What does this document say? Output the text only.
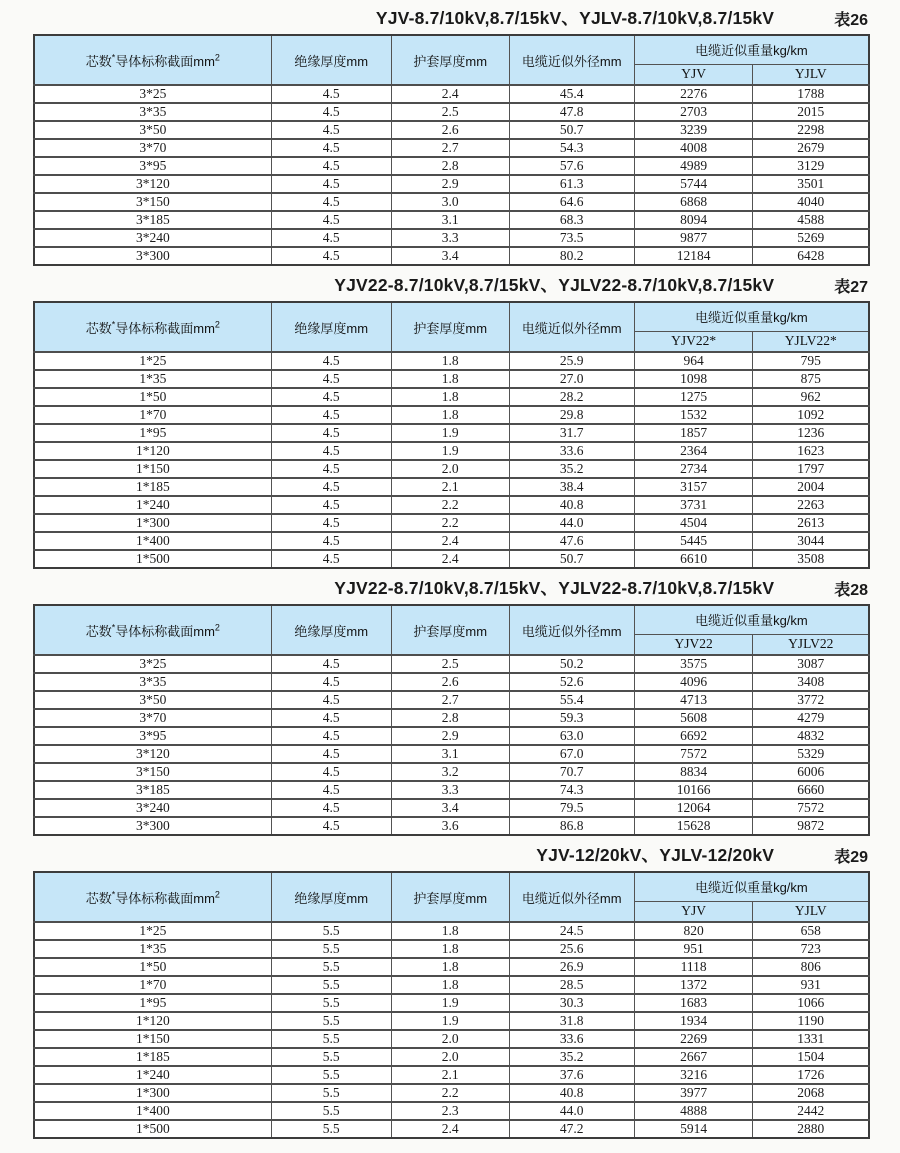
YJV-8.7/10kV,8.7/15kV、YJLV-8.7/10kV,8.7/15kV	表26
芯数*导体标称截面$mm^2$	绝缘厚度mm	护套厚度mm	电缆近似外径mm	电缆近似重量kg/km	
				YJV	YJLV
3*25	4.5	2.4	45.4	2276	1788
3*35	4.5	2.5	47.8	2703	2015
3*50	4.5	2.6	50.7	3239	2298
3*70	4.5	2.7	54.3	4008	2679
3*95	4.5	2.8	57.6	4989	3129
3*120	4.5	2.9	61.3	5744	3501
3*150	4.5	3.0	64.6	6868	4040
3*185	4.5	3.1	68.3	8094	4588
3*240	4.5	3.3	73.5	9877	5269
3*300	4.5	3.4	80.2	12184	6428
YJV22-8.7/10kV,8.7/15kV、YJLV22-8.7/10kV,8.7/15kV	表27
芯数*导体标称截面$mm^2$	绝缘厚度mm	护套厚度mm	电缆近似外径mm	电缆近似重量kg/km	
				YJV22*	YJLV22*
1*25	4.5	1.8	25.9	964	795
1*35	4.5	1.8	27.0	1098	875
1*50	4.5	1.8	28.2	1275	962
1*70	4.5	1.8	29.8	1532	1092
1*95	4.5	1.9	31.7	1857	1236
1*120	4.5	1.9	33.6	2364	1623
1*150	4.5	2.0	35.2	2734	1797
1*185	4.5	2.1	38.4	3157	2004
1*240	4.5	2.2	40.8	3731	2263
1*300	4.5	2.2	44.0	4504	2613
1*400	4.5	2.4	47.6	5445	3044
1*500	4.5	2.4	50.7	6610	3508
YJV22-8.7/10kV,8.7/15kV、YJLV22-8.7/10kV,8.7/15kV	表28
芯数*导体标称截面$mm^2$	绝缘厚度mm	护套厚度mm	电缆近似外径mm	电缆近似重量kg/km	
				YJV22	YJLV22
3*25	4.5	2.5	50.2	3575	3087
3*35	4.5	2.6	52.6	4096	3408
3*50	4.5	2.7	55.4	4713	3772
3*70	4.5	2.8	59.3	5608	4279
3*95	4.5	2.9	63.0	6692	4832
3*120	4.5	3.1	67.0	7572	5329
3*150	4.5	3.2	70.7	8834	6006
3*185	4.5	3.3	74.3	10166	6660
3*240	4.5	3.4	79.5	12064	7572
3*300	4.5	3.6	86.8	15628	9872
YJV-12/20kV、YJLV-12/20kV	表29
芯数*导体标称截面$mm^2$	绝缘厚度mm	护套厚度mm	电缆近似外径mm	电缆近似重量kg/km	
				YJV	YJLV
1*25	5.5	1.8	24.5	820	658
1*35	5.5	1.8	25.6	951	723
1*50	5.5	1.8	26.9	1118	806
1*70	5.5	1.8	28.5	1372	931
1*95	5.5	1.9	30.3	1683	1066
1*120	5.5	1.9	31.8	1934	1190
1*150	5.5	2.0	33.6	2269	1331
1*185	5.5	2.0	35.2	2667	1504
1*240	5.5	2.1	37.6	3216	1726
1*300	5.5	2.2	40.8	3977	2068
1*400	5.5	2.3	44.0	4888	2442
1*500	5.5	2.4	47.2	5914	2880
